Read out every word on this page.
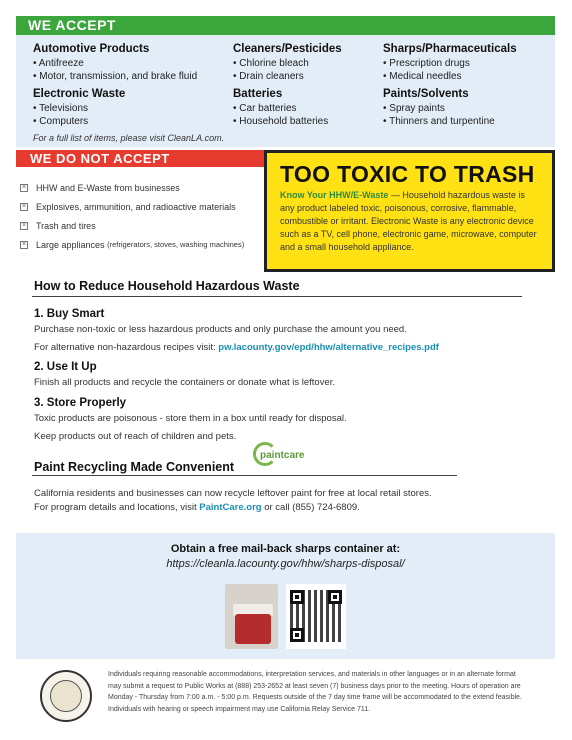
WE ACCEPT
Automotive Products
• Antifreeze
• Motor, transmission, and brake fluid
Electronic Waste
• Televisions
• Computers
Cleaners/Pesticides
• Chlorine bleach
• Drain cleaners
Batteries
• Car batteries
• Household batteries
Sharps/Pharmaceuticals
• Prescription drugs
• Medical needles
Paints/Solvents
• Spray paints
• Thinners and turpentine
For a full list of items, please visit CleanLA.com.
WE DO NOT ACCEPT
× HHW and E-Waste from businesses
× Explosives, ammunition, and radioactive materials
× Trash and tires
× Large appliances
(refrigerators, stoves, washing machines)
TOO TOXIC TO TRASH

Know Your HHW/E-Waste — Household hazardous waste is any product labeled toxic, poisonous, corrosive, flammable, combustible or irritant. Electronic Waste is any electronic device such as a TV, cell phone, electronic game, microwave, computer and a small household appliance.

How to Reduce Household Hazardous Waste
1. Buy Smart
Purchase non-toxic or less hazardous products and only purchase the amount you need.
For alternative non-hazardous recipes visit: pw.lacounty.gov/epd/hhw/alternative_recipes.pdf
2. Use It Up
Finish all products and recycle the containers or donate what is leftover.
3. Store Properly
Toxic products are poisonous - store them in a box until ready for disposal.
Keep products out of reach of children and pets.
Paint Recycling Made Convenient
paintcare
California residents and businesses can now recycle leftover paint for free at local retail stores.
For program details and locations, visit PaintCare.org or call (855) 724-6809.
Obtain a free mail-back sharps container at:
https://cleanla.lacounty.gov/hhw/sharps-disposal/
Individuals requiring reasonable accommodations, interpretation services, and materials in other languages or in an alternate format may submit a request to Public Works at (888) 253-2652 at least seven (7) business days prior to the meeting. Hours of operation are Monday - Thursday from 7:00 a.m. - 5:00 p.m. Requests outside of the 7 day time frame will be accommodated to the extend feasible. Individuals with hearing or speech impairment may use California Relay Service 711.
